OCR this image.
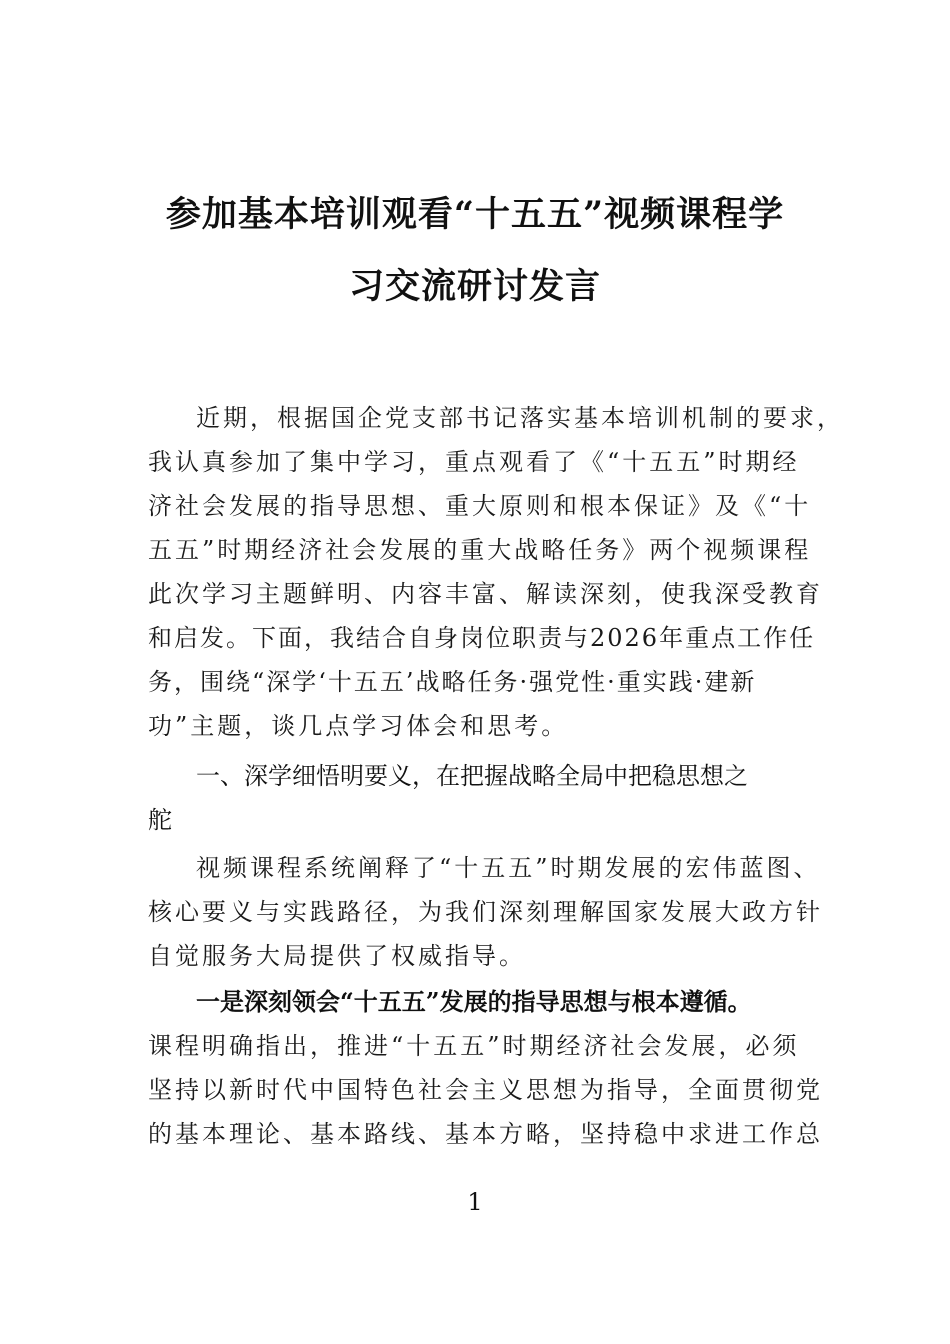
参加基本培训观看“十五五”视频课程学
习交流研讨发言
近期，根据国企党支部书记落实基本培训机制的要求，
我认真参加了集中学习，重点观看了《“十五五”时期经
济社会发展的指导思想、重大原则和根本保证》及《“十
五五”时期经济社会发展的重大战略任务》两个视频课程
此次学习主题鲜明、内容丰富、解读深刻，使我深受教育
和启发。下面，我结合自身岗位职责与2026年重点工作任
务，围绕“深学‘十五五’战略任务·强党性·重实践·建新
功”主题，谈几点学习体会和思考。
一、深学细悟明要义，在把握战略全局中把稳思想之
舵
视频课程系统阐释了“十五五”时期发展的宏伟蓝图、
核心要义与实践路径，为我们深刻理解国家发展大政方针
自觉服务大局提供了权威指导。
一是深刻领会“十五五”发展的指导思想与根本遵循。
课程明确指出，推进“十五五”时期经济社会发展，必须
坚持以新时代中国特色社会主义思想为指导，全面贯彻党
的基本理论、基本路线、基本方略，坚持稳中求进工作总
1
